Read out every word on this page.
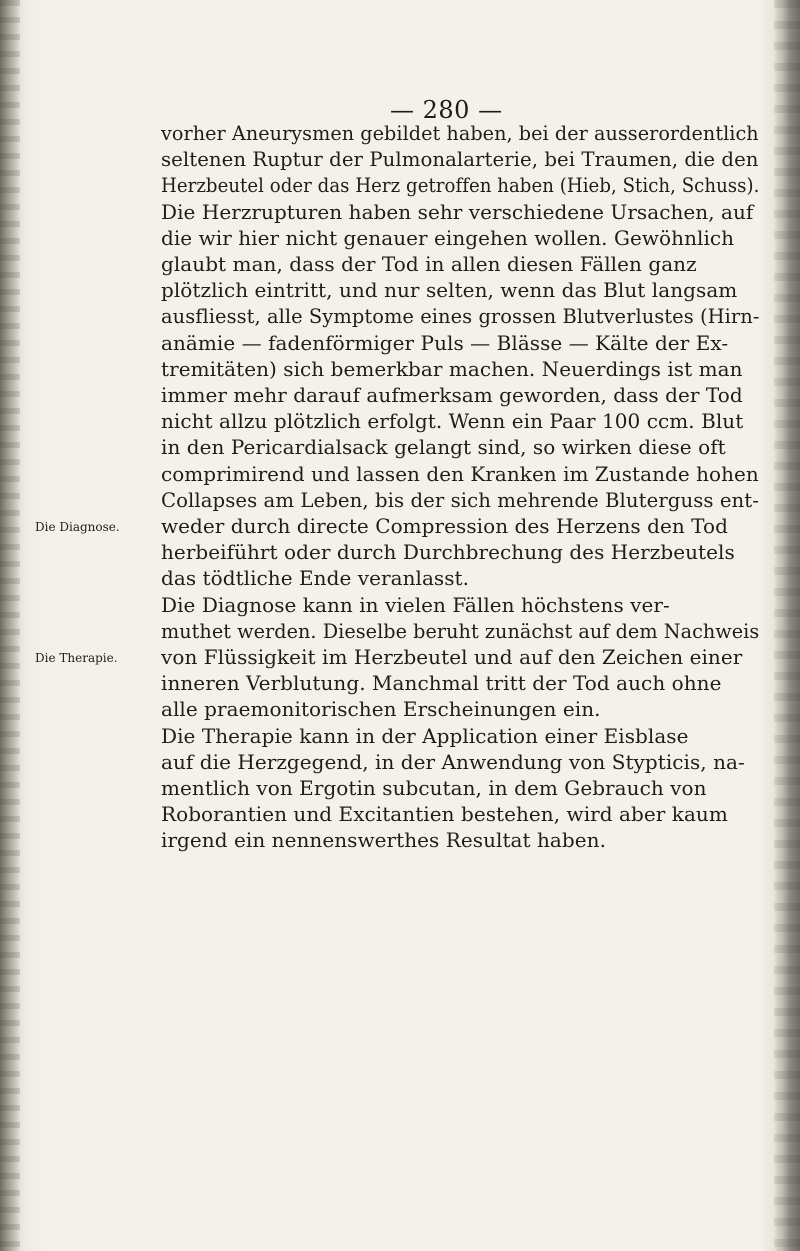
— 280 —
Die Diagnose.
Die Therapie.
vorher Aneurysmen gebildet haben, bei der ausserordentlich
seltenen Ruptur der Pulmonalarterie, bei Traumen, die den
Herzbeutel oder das Herz getroffen haben (Hieb, Stich, Schuss).
Die Herzrupturen haben sehr verschiedene Ursachen, auf
die wir hier nicht genauer eingehen wollen. Gewöhnlich
glaubt man, dass der Tod in allen diesen Fällen ganz
plötzlich eintritt, und nur selten, wenn das Blut langsam
ausfliesst, alle Symptome eines grossen Blutverlustes (Hirn-
anämie — fadenförmiger Puls — Blässe — Kälte der Ex-
tremitäten) sich bemerkbar machen. Neuerdings ist man
immer mehr darauf aufmerksam geworden, dass der Tod
nicht allzu plötzlich erfolgt. Wenn ein Paar 100 ccm. Blut
in den Pericardialsack gelangt sind, so wirken diese oft
comprimirend und lassen den Kranken im Zustande hohen
Collapses am Leben, bis der sich mehrende Bluterguss ent-
weder durch directe Compression des Herzens den Tod
herbeiführt oder durch Durchbrechung des Herzbeutels
das tödtliche Ende veranlasst.
Die Diagnose kann in vielen Fällen höchstens ver-
muthet werden. Dieselbe beruht zunächst auf dem Nachweis
von Flüssigkeit im Herzbeutel und auf den Zeichen einer
inneren Verblutung. Manchmal tritt der Tod auch ohne
alle praemonitorischen Erscheinungen ein.
Die Therapie kann in der Application einer Eisblase
auf die Herzgegend, in der Anwendung von Stypticis, na-
mentlich von Ergotin subcutan, in dem Gebrauch von
Roborantien und Excitantien bestehen, wird aber kaum
irgend ein nennenswerthes Resultat haben.
